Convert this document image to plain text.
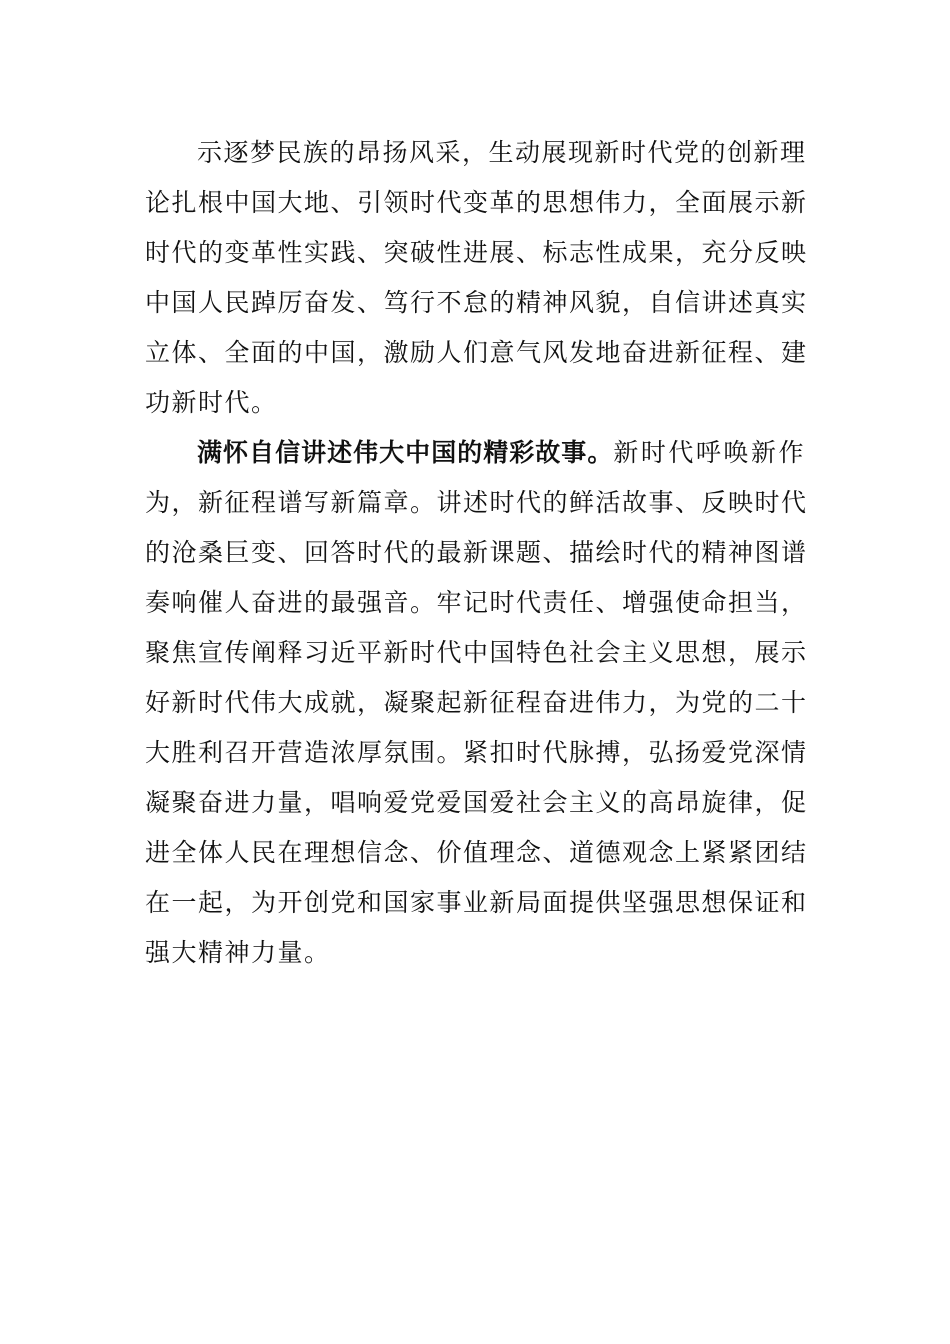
示逐梦民族的昂扬风采，生动展现新时代党的创新理
论扎根中国大地、引领时代变革的思想伟力，全面展示新
时代的变革性实践、突破性进展、标志性成果，充分反映
中国人民踔厉奋发、笃行不怠的精神风貌，自信讲述真实
立体、全面的中国，激励人们意气风发地奋进新征程、建
功新时代。
满怀自信讲述伟大中国的精彩故事。新时代呼唤新作
为，新征程谱写新篇章。讲述时代的鲜活故事、反映时代
的沧桑巨变、回答时代的最新课题、描绘时代的精神图谱
奏响催人奋进的最强音。牢记时代责任、增强使命担当，
聚焦宣传阐释习近平新时代中国特色社会主义思想，展示
好新时代伟大成就，凝聚起新征程奋进伟力，为党的二十
大胜利召开营造浓厚氛围。紧扣时代脉搏，弘扬爱党深情
凝聚奋进力量，唱响爱党爱国爱社会主义的高昂旋律，促
进全体人民在理想信念、价值理念、道德观念上紧紧团结
在一起，为开创党和国家事业新局面提供坚强思想保证和
强大精神力量。
